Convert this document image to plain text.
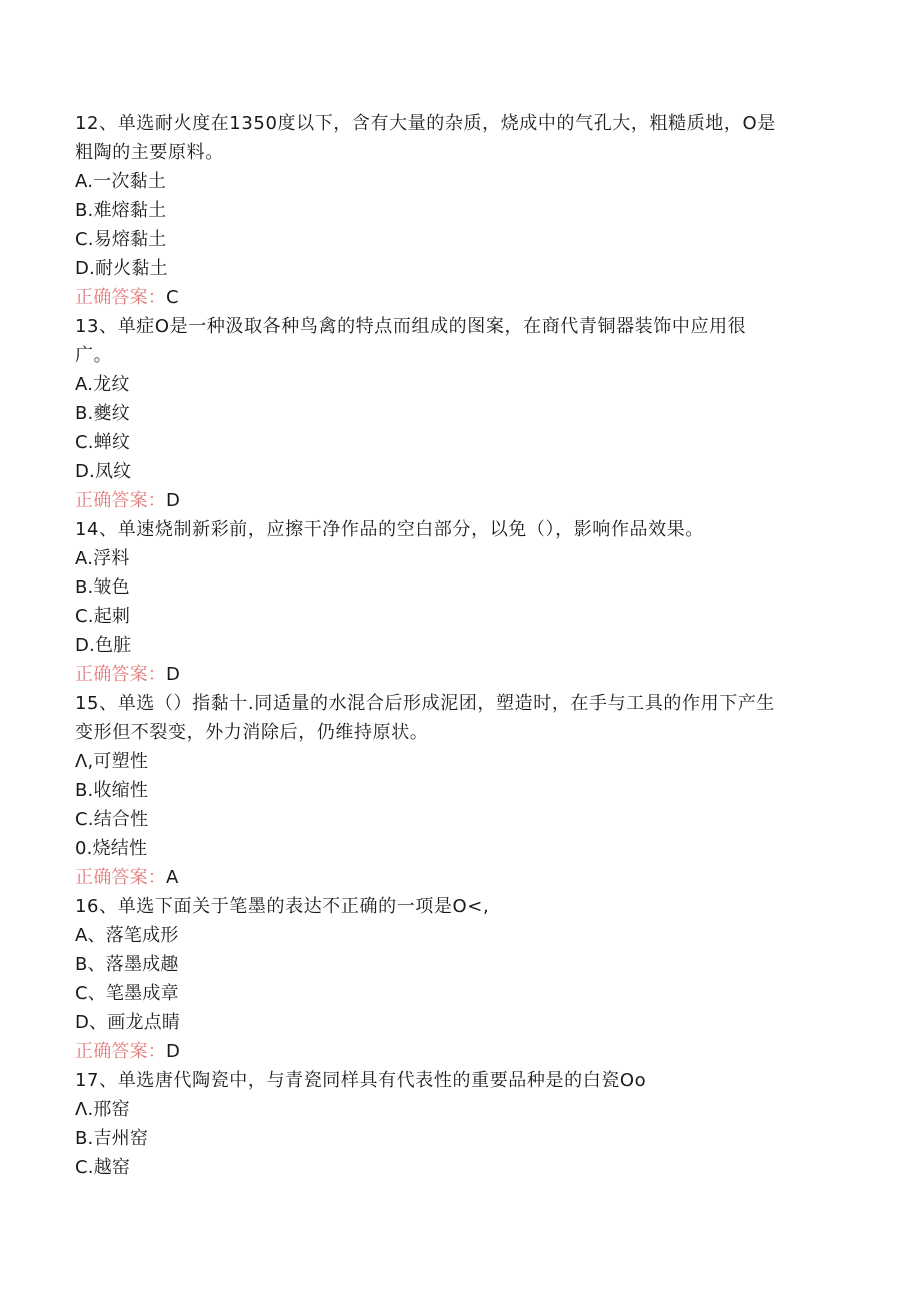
12、单选耐火度在1350度以下，含有大量的杂质，烧成中的气孔大，粗糙质地，O是
粗陶的主要原料。
A.一次黏土
B.难熔黏土
C.易熔黏土
D.耐火黏土
正确答案：C
13、单症O是一种汲取各种鸟禽的特点而组成的图案，在商代青铜器装饰中应用很
广。
A.龙纹
B.夔纹
C.蝉纹
D.凤纹
正确答案：D
14、单速烧制新彩前，应擦干净作品的空白部分，以免（），影响作品效果。
A.浮料
B.皱色
C.起刺
D.色脏
正确答案：D
15、单选（）指黏十.同适量的水混合后形成泥团，塑造时，在手与工具的作用下产生
变形但不裂变，外力消除后，仍维持原状。
Λ,可塑性
B.收缩性
C.结合性
0.烧结性
正确答案：A
16、单选下面关于笔墨的表达不正确的一项是O<,
A、落笔成形
B、落墨成趣
C、笔墨成章
D、画龙点睛
正确答案：D
17、单选唐代陶瓷中，与青瓷同样具有代表性的重要品种是的白瓷Oo
Λ.邢窑
B.吉州窑
C.越窑
